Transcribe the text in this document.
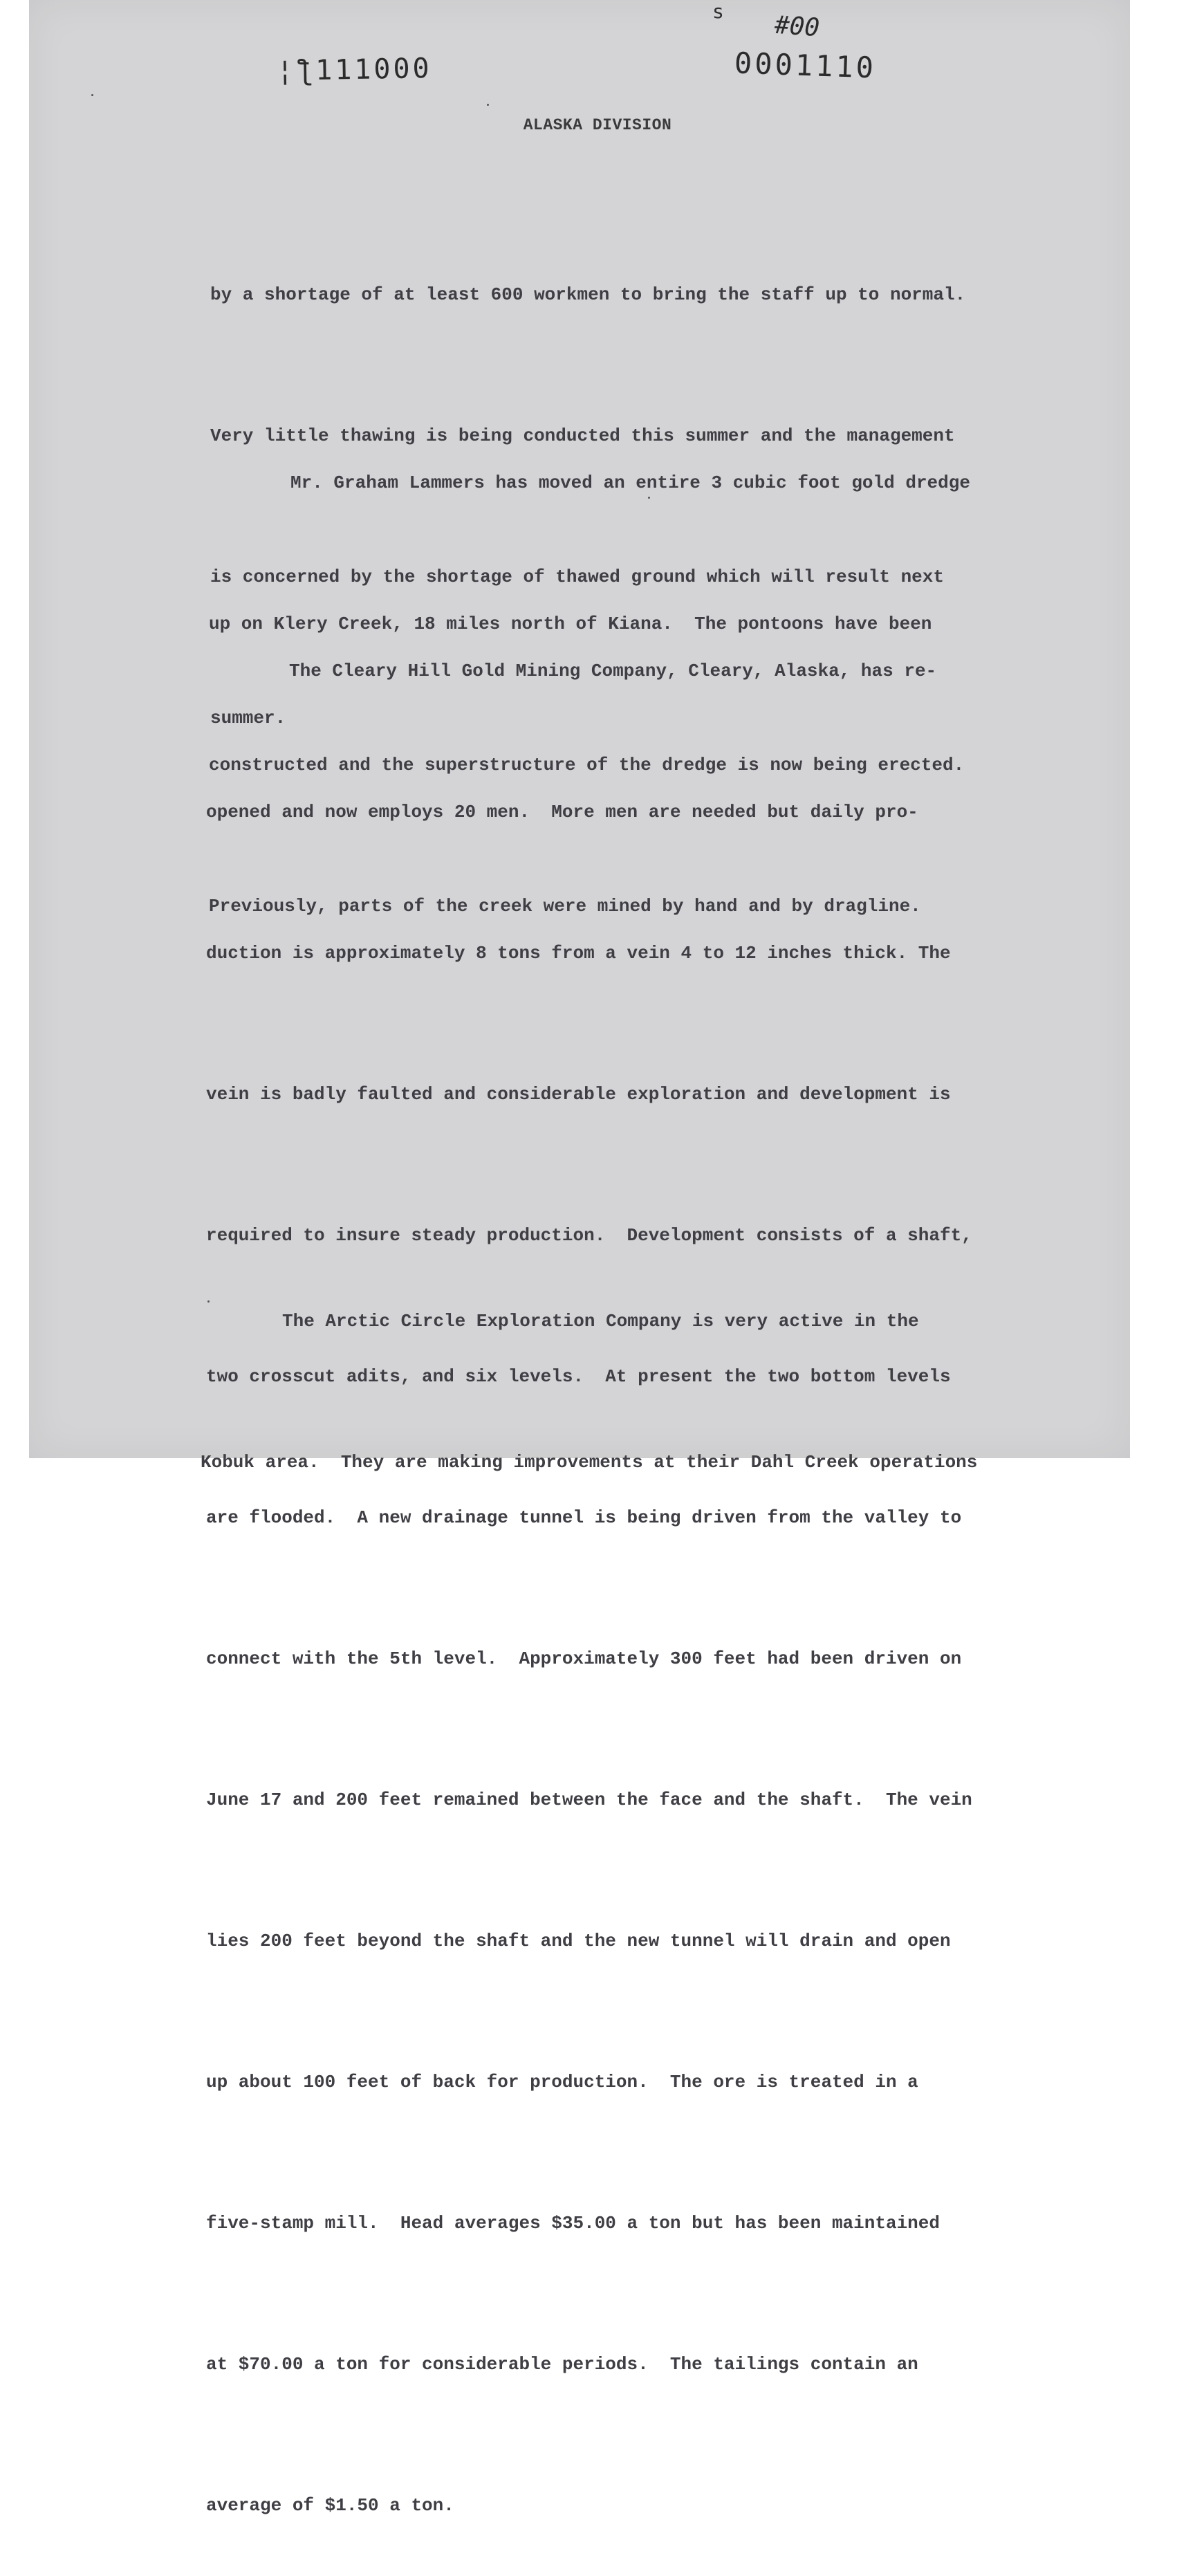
s #00
¦ƪ111000	0001110
ALASKA DIVISION

by a shortage of at least 600 workmen to bring the staff up to normal.

Very little thawing is being conducted this summer and the management

is concerned by the shortage of thawed ground which will result next

summer.

Mr. Graham Lammers has moved an entire 3 cubic foot gold dredge

up on Klery Creek, 18 miles north of Kiana.  The pontoons have been

constructed and the superstructure of the dredge is now being erected.

Previously, parts of the creek were mined by hand and by dragline.

The Cleary Hill Gold Mining Company, Cleary, Alaska, has re-

opened and now employs 20 men.  More men are needed but daily pro-

duction is approximately 8 tons from a vein 4 to 12 inches thick. The

vein is badly faulted and considerable exploration and development is

required to insure steady production.  Development consists of a shaft,

two crosscut adits, and six levels.  At present the two bottom levels

are flooded.  A new drainage tunnel is being driven from the valley to

connect with the 5th level.  Approximately 300 feet had been driven on

June 17 and 200 feet remained between the face and the shaft.  The vein

lies 200 feet beyond the shaft and the new tunnel will drain and open

up about 100 feet of back for production.  The ore is treated in a

five-stamp mill.  Head averages $35.00 a ton but has been maintained

at $70.00 a ton for considerable periods.  The tailings contain an

average of $1.50 a ton.

The Arctic Circle Exploration Company is very active in the

Kobuk area.  They are making improvements at their Dahl Creek operations
